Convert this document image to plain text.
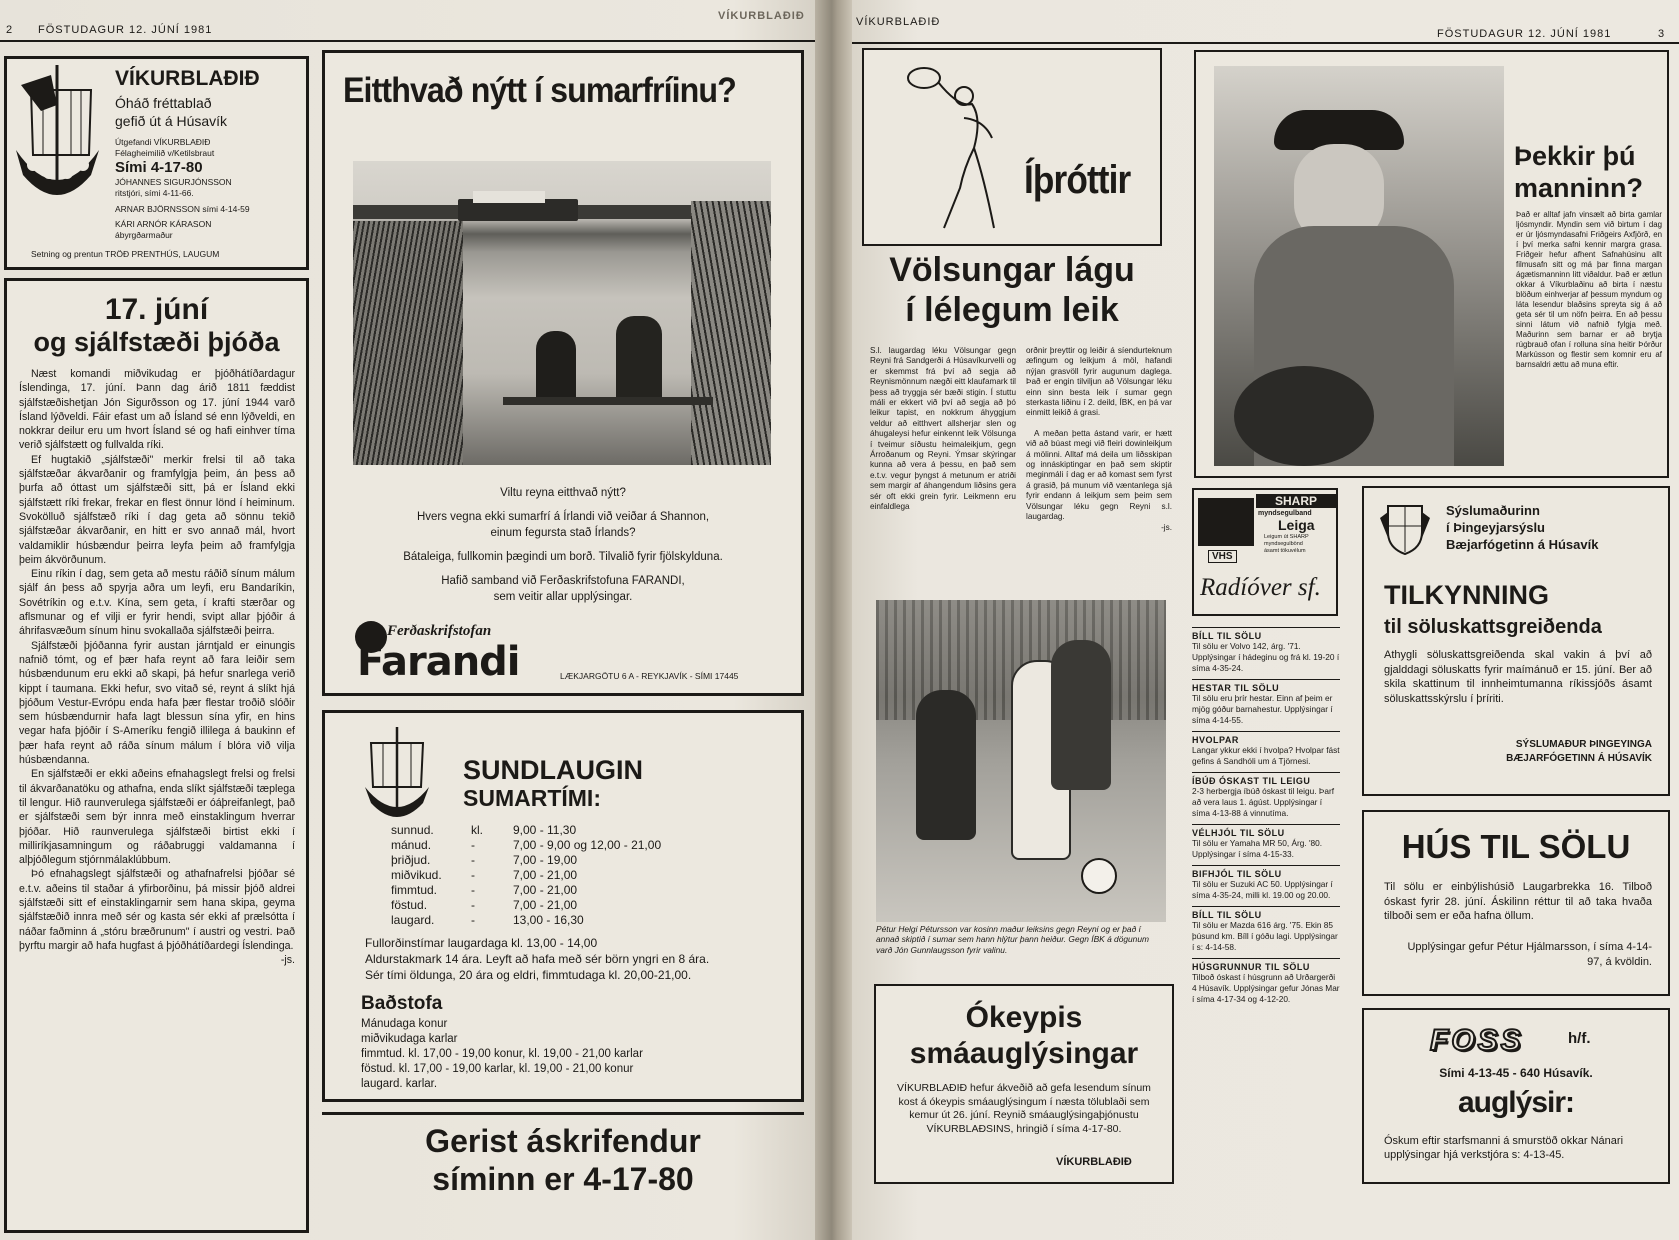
2 FÖSTUDAGUR 12. JÚNÍ 1981
VÍKURBLAÐIÐ
VÍKURBLAÐIÐ
Óháð fréttablað
gefið út á Húsavík
Útgefandi VÍKURBLAÐIÐ
Félagheimilið v/Ketilsbraut
Sími 4-17-80
JÓHANNES SIGURJÓNSSON
ritstjóri, sími 4-11-66.
ARNAR BJÖRNSSON sími 4-14-59
KÁRI ARNÓR KÁRASON
ábyrgðarmaður
Setning og prentun TRÖÐ PRENTHÚS, LAUGUM
17. júní
og sjálfstæði þjóða

Næst komandi miðvikudag er þjóðhátíðardagur Íslendinga, 17. júní. Þann dag árið 1811 fæddist sjálfstæðishetjan Jón Sigurðsson og 17. júní 1944 varð Ísland lýðveldi. Fáir efast um að Ísland sé enn lýðveldi, en nokkrar deilur eru um hvort Ísland sé og hafi einhver tíma verið sjálfstætt og fullvalda ríki.

Ef hugtakið „sjálfstæði" merkir frelsi til að taka sjálfstæðar ákvarðanir og framfylgja þeim, án þess að þurfa að óttast um sjálfstæði sitt, þá er Ísland ekki sjálfstætt ríki frekar, frekar en flest önnur lönd í heiminum. Svokölluð sjálfstæð ríki í dag geta að sönnu tekið sjálfstæðar ákvarðanir, en hitt er svo annað mál, hvort valdamiklir húsbændur þeirra leyfa þeim að framfylgja þeim ákvörðunum.

Einu ríkin í dag, sem geta að mestu ráðið sínum málum sjálf án þess að spyrja aðra um leyfi, eru Bandaríkin, Sovétríkin og e.t.v. Kína, sem geta, í krafti stærðar og aflsmunar og ef vilji er fyrir hendi, svipt allar þjóðir á áhrifasvæðum sínum hinu svokallaða sjálfstæði þeirra.

Sjálfstæði þjóðanna fyrir austan járntjald er einungis nafnið tómt, og ef þær hafa reynt að fara leiðir sem húsbændunum eru ekki að skapi, þá hefur snarlega verið kippt í taumana. Ekki hefur, svo vitað sé, reynt á slíkt hjá þjóðum Vestur-Evrópu enda hafa þær flestar troðið slóðir sem húsbændurnir hafa lagt blessun sína yfir, en hins vegar hafa þjóðir í S-Ameríku fengið illilega á baukinn ef þær hafa reynt að ráða sínum málum í blóra við vilja húsbændanna.

En sjálfstæði er ekki aðeins efnahagslegt frelsi og frelsi til ákvarðanatöku og athafna, enda slíkt sjálfstæði tæplega til lengur. Hið raunverulega sjálfstæði er óáþreifanlegt, það er sjálfstæði sem býr innra með einstaklingum hverrar þjóðar. Hið raunverulega sjálfstæði birtist ekki í milliríkjasamningum og ráðabruggi valdamanna í alþjóðlegum stjórnmálaklúbbum.

Þó efnahagslegt sjálfstæði og athafnafrelsi þjóðar sé e.t.v. aðeins til staðar á yfirborðinu, þá missir þjóð aldrei sjálfstæði sitt ef einstaklingarnir sem hana skipa, geyma sjálfstæðið innra með sér og kasta sér ekki af prælsótta í náðar faðminn á „stóru bræðrunum" í austri og vestri. Það þyrftu margir að hafa hugfast á þjóðhátíðardegi Íslendinga.

-js.

Eitthvað nýtt í sumarfríinu?
Viltu reyna eitthvað nýtt?
Hvers vegna ekki sumarfrí á Írlandi við veiðar á Shannon,
einum fegursta stað Írlands?
Bátaleiga, fullkomin þægindi um borð. Tilvalið fyrir fjölskylduna.
Hafið samband við Ferðaskrifstofuna FARANDI,
sem veitir allar upplýsingar.
Ferðaskrifstofan
Farandi	LÆKJARGÖTU 6 A - REYKJAVÍK - SÍMI 17445
SUNDLAUGIN
SUMARTÍMI:
sunnud.	kl.	9,00 - 11,30
mánud.	-	7,00 - 9,00 og 12,00 - 21,00
þriðjud.	-	7,00 - 19,00
miðvikud.	-	7,00 - 21,00
fimmtud.	-	7,00 - 21,00
föstud.	-	7,00 - 21,00
laugard.	-	13,00 - 16,30
Fullorðinstímar laugardaga kl. 13,00 - 14,00
Aldurstakmark 14 ára. Leyft að hafa með sér börn yngri en 8 ára.
Sér tími öldunga, 20 ára og eldri, fimmtudaga kl. 20,00-21,00.
Baðstofa
Mánudaga konur
miðvikudaga karlar
fimmtud. kl. 17,00 - 19,00 konur, kl. 19,00 - 21,00 karlar
föstud. kl. 17,00 - 19,00 karlar, kl. 19,00 - 21,00 konur
laugard. karlar.
Gerist áskrifendur
síminn er 4-17-80
VÍKURBLAÐIÐ
FÖSTUDAGUR 12. JÚNÍ 1981	3
Íþróttir
Völsungar lágu
í lélegum leik
S.l. laugardag léku Völsungar gegn Reyni frá Sandgerði á Húsavíkurvelli og er skemmst frá því að segja að Reynismönnum nægði eitt klaufamark til þess að tryggja sér bæði stigin. Í stuttu máli er ekkert við því að segja að þó leikur tapist, en nokkrum áhyggjum veldur að eitthvert allsherjar slen og áhugaleysi hefur einkennt leik Völsunga í tveimur síðustu heimaleikjum, gegn Árroðanum og Reyni. Ýmsar skýringar kunna að vera á þessu, en það sem e.t.v. vegur þyngst á metunum er atriði sem margir af áhangendum liðsins gera sér oft ekki grein fyrir. Leikmenn eru einfaldlega
orðnir þreyttir og leiðir á síendurteknum æfingum og leikjum á möl, hafandi nýjan grasvöll fyrir augunum daglega. Það er engin tilviljun að Völsungar léku einn sinn besta leik í sumar gegn sterkasta liðinu í 2. deild, ÍBK, en þá var einmitt leikið á grasi.
A meðan þetta ástand varir, er hætt við að búast megi við fleiri dowinleikjum á mölinni. Alltaf má deila um liðsskipan og innáskiptingar en það sem skiptir meginmáli í dag er að komast sem fyrst á grasið, þá munum við væntanlega sjá fyrir endann á leikjum sem þeim sem Völsungar léku gegn Reyni s.l. laugardag.
-js.
Pétur Helgi Pétursson var kosinn maður leiksins gegn Reyni og er það í annað skiptið í sumar sem hann hlýtur þann heiður. Gegn ÍBK á dögunum varð Jón Gunnlaugsson fyrir valinu.
Þekkir þú
manninn?
Það er alltaf jafn vinsælt að birta gamlar ljósmyndir. Myndin sem við birtum í dag er úr ljósmyndasafni Friðgeirs Axfjörð, en í því merka safni kennir margra grasa. Friðgeir hefur afhent Safnahúsinu allt filmusafn sitt og má þar finna margan ágætismanninn litt viðaldur. Það er ætlun okkar á Víkurblaðinu að birta í næstu blöðum einhverjar af þessum myndum og láta lesendur blaðsins spreyta sig á að geta sér til um nöfn þeirra. En að þessu sinni látum við nafnið fylgja með. Maðurinn sem barnar er að brytja rúgbrauð ofan í rolluna sína heitir Þórður Markússon og flestir sem komnir eru af barnsaldri ættu að muna eftir.
VHS
SHARP
myndsegulband
Leiga
Leigum út SHARP
myndsegulbönd
ásamt tökuvélum
Radíóver sf.
BÍLL TIL SÖLU
Til sölu er Volvo 142, árg. '71. Upplýsingar í hádeginu og frá kl. 19-20 í síma 4-35-24.
HESTAR TIL SÖLU
Til sölu eru þrír hestar. Einn af þeim er mjög góður barnahestur. Upplýsingar í síma 4-14-55.
HVOLPAR
Langar ykkur ekki í hvolpa? Hvolpar fást gefins á Sandhóli um á Tjörnesi.
ÍBÚÐ ÓSKAST TIL LEIGU
2-3 herbergja íbúð óskast til leigu. Þarf að vera laus 1. ágúst. Upplýsingar í síma 4-13-88 á vinnutíma.
VÉLHJÓL TIL SÖLU
Til sölu er Yamaha MR 50, Árg. '80. Upplýsingar í síma 4-15-33.
BIFHJÓL TIL SÖLU
Til sölu er Suzuki AC 50. Upplýsingar í síma 4-35-24, milli kl. 19.00 og 20.00.
BÍLL TIL SÖLU
Til sölu er Mazda 616 árg. '75. Ekin 85 þúsund km. Bíll í góðu lagi. Upplýsingar í s: 4-14-58.
HÚSGRUNNUR TIL SÖLU
Tilboð óskast í húsgrunn að Urðargerði 4 Húsavík. Upplýsingar gefur Jónas Mar í síma 4-17-34 og 4-12-20.
Ókeypis
smáauglýsingar
VÍKURBLAÐIÐ hefur ákveðið að gefa lesendum sínum kost á ókeypis smáauglýsingum í næsta tölublaði sem kemur út 26. júní. Reynið smáauglýsingaþjónustu VÍKURBLAÐSINS, hringið í síma 4-17-80.
VÍKURBLAÐIÐ
Sýslumaðurinn
í Þingeyjarsýslu
Bæjarfógetinn á Húsavík
TILKYNNING
til söluskattsgreiðenda
Athygli söluskattsgreiðenda skal vakin á því að gjalddagi söluskatts fyrir maímánuð er 15. júní. Ber að skila skattinum til innheimtumanna ríkissjóðs ásamt söluskattsskýrslu í þríriti.
SÝSLUMAÐUR ÞINGEYINGA
BÆJARFÓGETINN Á HÚSAVÍK
HÚS TIL SÖLU
Til sölu er einbýlishúsið Laugarbrekka 16. Tilboð óskast fyrir 28. júní. Áskilinn réttur til að taka hvaða tilboði sem er eða hafna öllum.
Upplýsingar gefur Pétur Hjálmarsson, í síma 4-14-97, á kvöldin.
FOSS	h/f.
Sími 4-13-45 - 640 Húsavík.
auglýsir:
Óskum eftir starfsmanni á smurstöð okkar Nánari upplýsingar hjá verkstjóra s: 4-13-45.
